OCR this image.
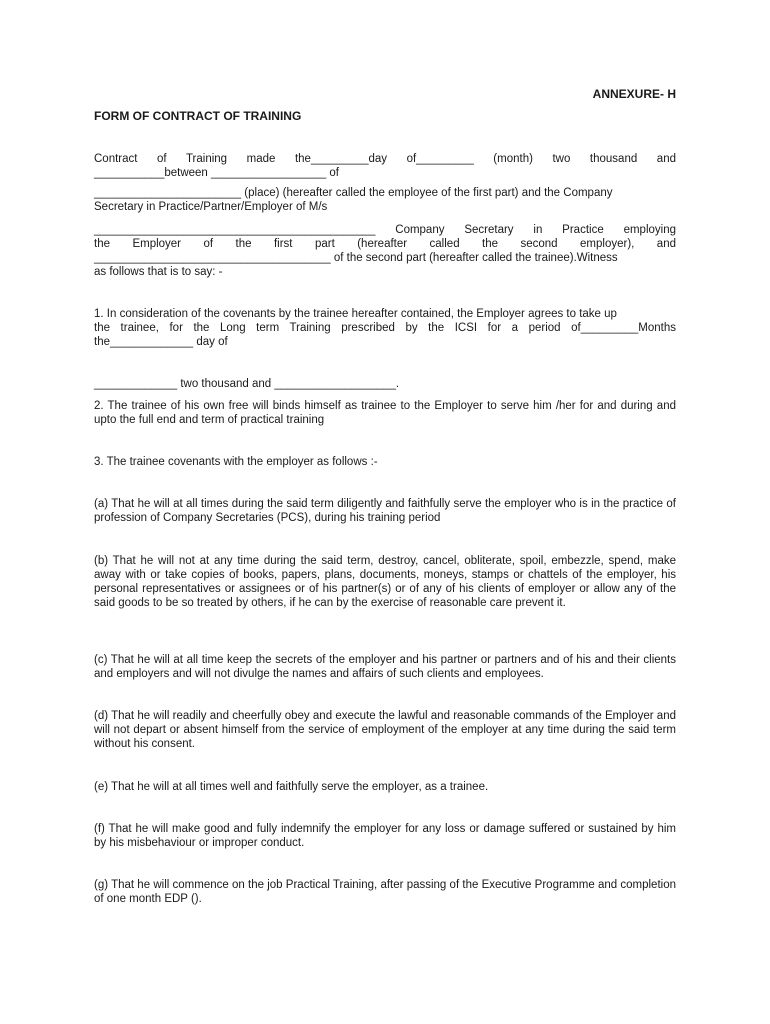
ANNEXURE- H
FORM OF CONTRACT OF TRAINING
Contract of Training made the_________day of_________ (month) two thousand and
___________between __________________ of
_______________________ (place) (hereafter called the employee of the first part) and the Company
Secretary in Practice/Partner/Employer of M/s
____________________________________________ Company Secretary in Practice employing
the Employer of the first part (hereafter called the second employer), and
_____________________________________ of the second part (hereafter called the trainee).Witness
as follows that is to say: -
1. In consideration of the covenants by the trainee hereafter contained, the Employer agrees to take up
the trainee, for the Long term Training prescribed by the ICSI for a period of_________Months
the_____________ day of
_____________ two thousand and ___________________.
2. The trainee of his own free will binds himself as trainee to the Employer to serve him /her for and during and upto the full end and term of practical training
3. The trainee covenants with the employer as follows :-
(a) That he will at all times during the said term diligently and faithfully serve the employer who is in the practice of profession of Company Secretaries (PCS), during his training period
(b) That he will not at any time during the said term, destroy, cancel, obliterate, spoil, embezzle, spend, make away with or take copies of books, papers, plans, documents, moneys, stamps or chattels of the employer, his personal representatives or assignees or of his partner(s) or of any of his clients of employer or allow any of the said goods to be so treated by others, if he can by the exercise of reasonable care prevent it.
(c) That he will at all time keep the secrets of the employer and his partner or partners and of his and their clients and employers and will not divulge the names and affairs of such clients and employees.
(d) That he will readily and cheerfully obey and execute the lawful and reasonable commands of the Employer and will not depart or absent himself from the service of employment of the employer at any time during the said term without his consent.
(e) That he will at all times well and faithfully serve the employer, as a trainee.
(f) That he will make good and fully indemnify the employer for any loss or damage suffered or sustained by him by his misbehaviour or improper conduct.
(g) That he will commence on the job Practical Training, after passing of the Executive Programme and completion of one month EDP ().
